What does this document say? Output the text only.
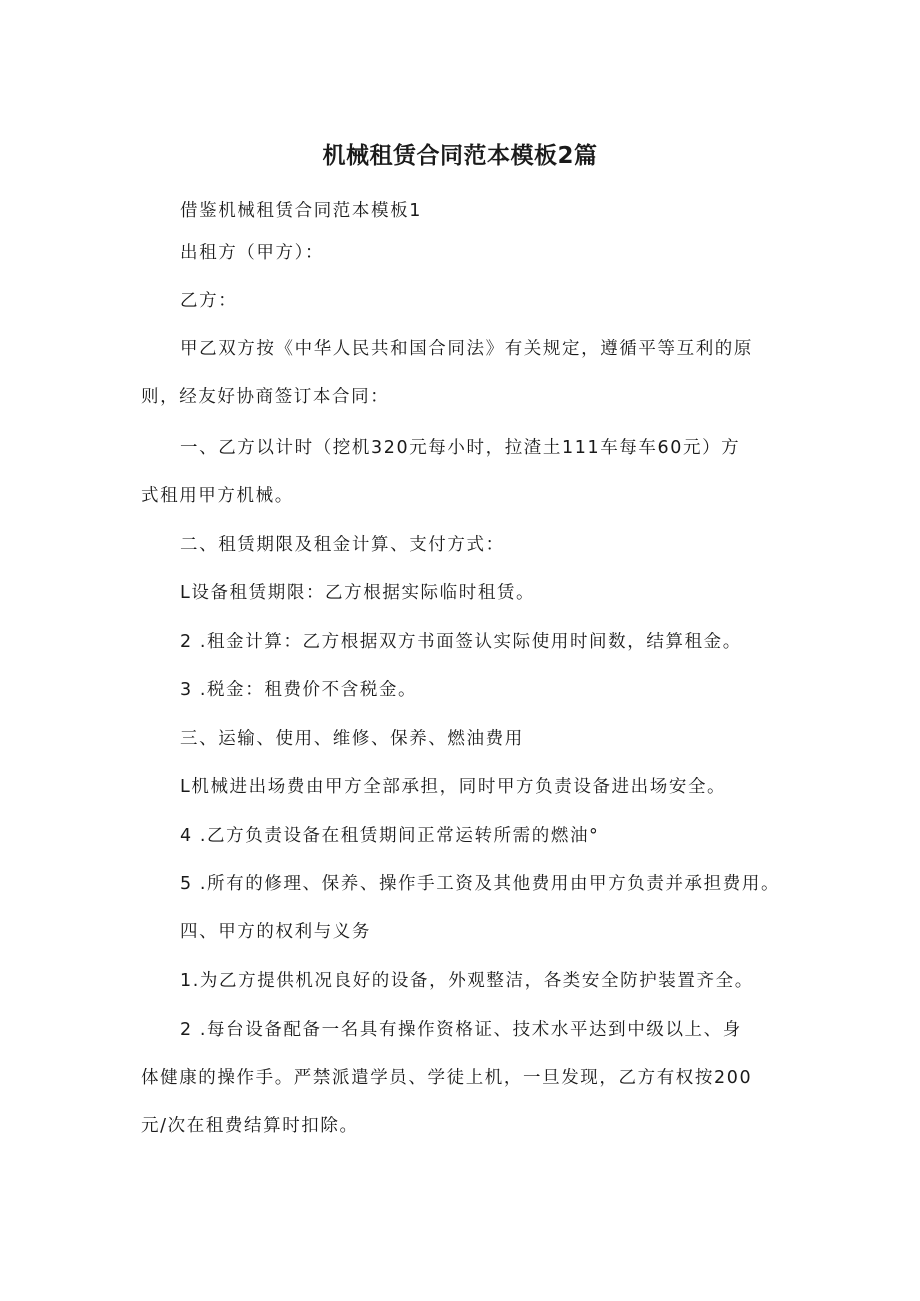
机械租赁合同范本模板2篇

借鉴机械租赁合同范本模板1

出租方（甲方）：

乙方：

甲乙双方按《中华人民共和国合同法》有关规定，遵循平等互利的原
则，经友好协商签订本合同：

一、乙方以计时（挖机320元每小时，拉渣土111车每车60元）方
式租用甲方机械。

二、租赁期限及租金计算、支付方式：

L设备租赁期限：乙方根据实际临时租赁。

2 .租金计算：乙方根据双方书面签认实际使用时间数，结算租金。

3 .税金：租费价不含税金。

三、运输、使用、维修、保养、燃油费用

L机械进出场费由甲方全部承担，同时甲方负责设备进出场安全。

4 .乙方负责设备在租赁期间正常运转所需的燃油°

5 .所有的修理、保养、操作手工资及其他费用由甲方负责并承担费用。

四、甲方的权利与义务

1.为乙方提供机况良好的设备，外观整洁，各类安全防护装置齐全。

2 .每台设备配备一名具有操作资格证、技术水平达到中级以上、身
体健康的操作手。严禁派遣学员、学徒上机，一旦发现，乙方有权按200
元/次在租费结算时扣除。
